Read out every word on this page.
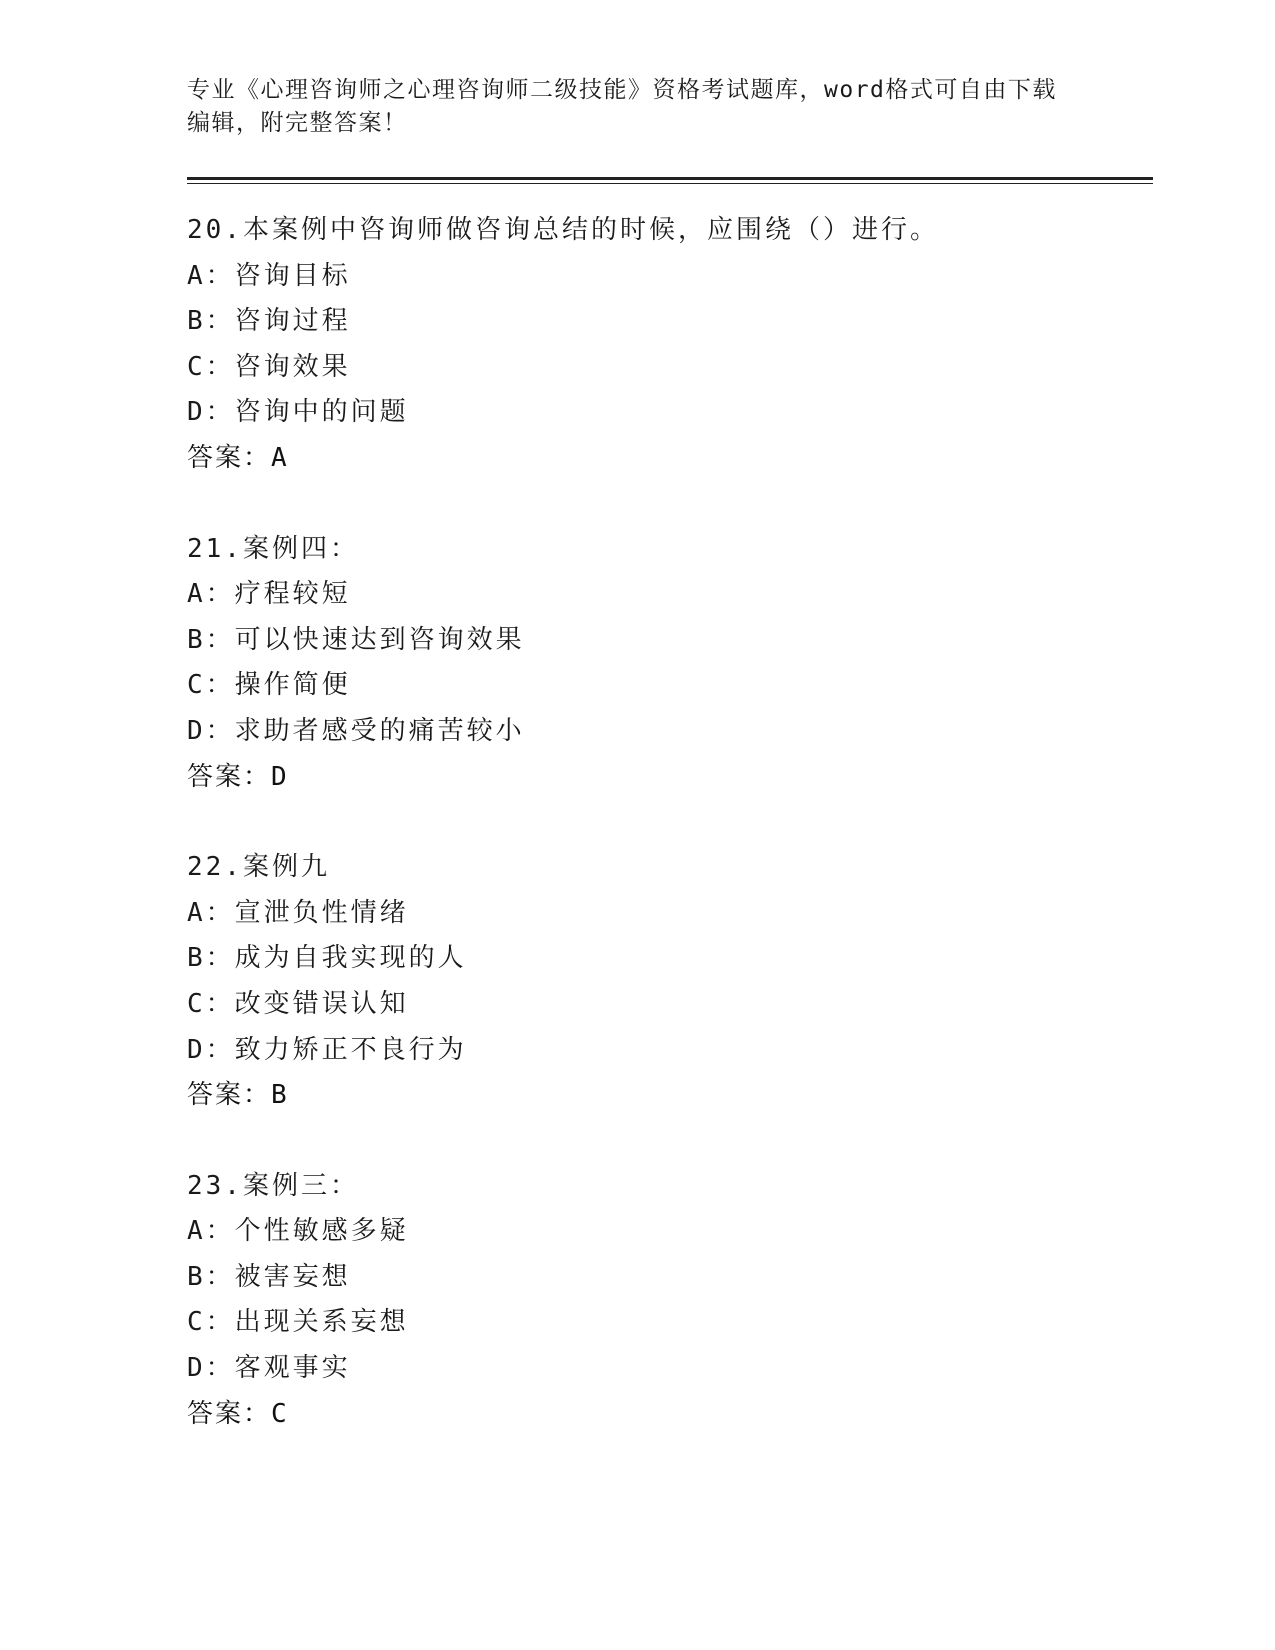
专业《心理咨询师之心理咨询师二级技能》资格考试题库，word格式可自由下载
编辑，附完整答案！
20.本案例中咨询师做咨询总结的时候，应围绕（）进行。
A：咨询目标
B：咨询过程
C：咨询效果
D：咨询中的问题
答案：A
21.案例四：
A：疗程较短
B：可以快速达到咨询效果
C：操作简便
D：求助者感受的痛苦较小
答案：D
22.案例九
A：宣泄负性情绪
B：成为自我实现的人
C：改变错误认知
D：致力矫正不良行为
答案：B
23.案例三：
A：个性敏感多疑
B：被害妄想
C：出现关系妄想
D：客观事实
答案：C
